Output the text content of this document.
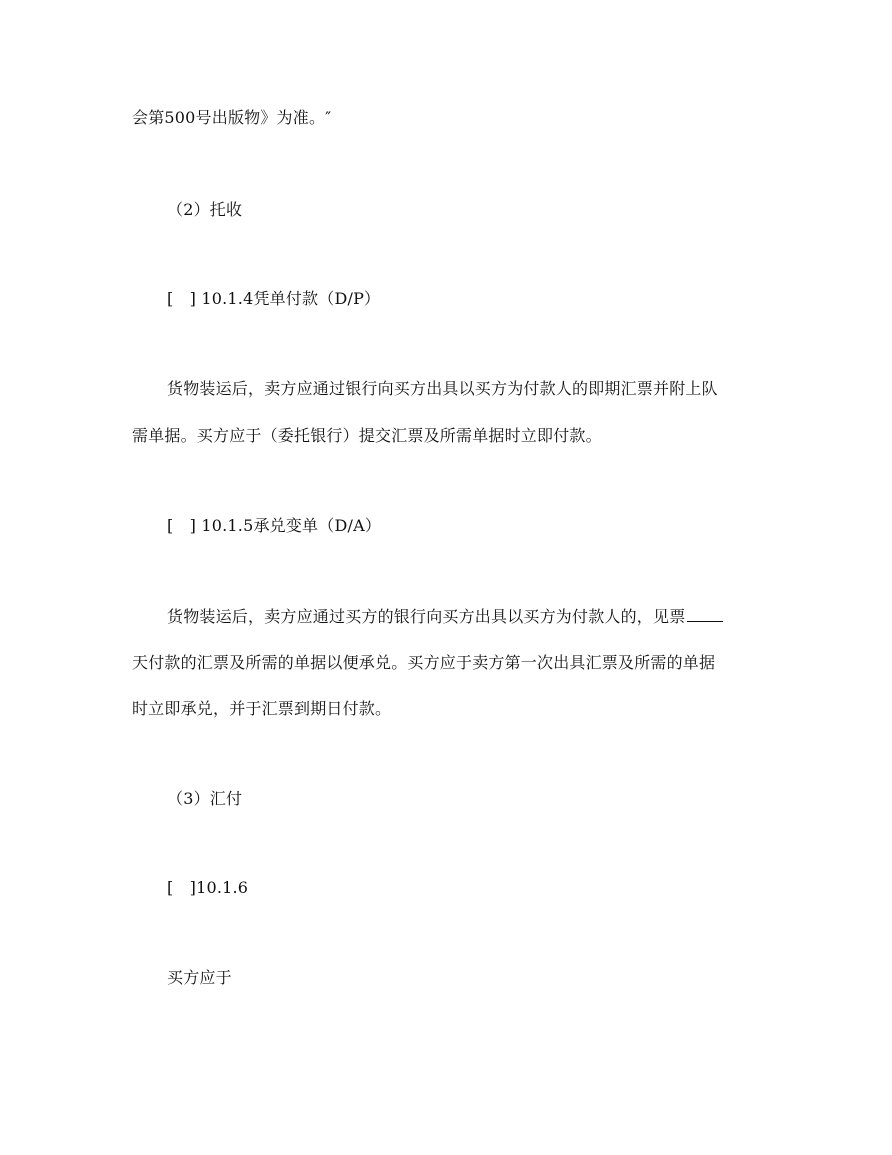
会第500号出版物》为准。″
（2）托收
[　] 10.1.4凭单付款（D/P）
货物装运后，卖方应通过银行向买方出具以买方为付款人的即期汇票并附上队
需单据。买方应于（委托银行）提交汇票及所需单据时立即付款。
[　] 10.1.5承兑变单（D/A）
货物装运后，卖方应通过买方的银行向买方出具以买方为付款人的，见票
天付款的汇票及所需的单据以便承兑。买方应于卖方第一次出具汇票及所需的单据
时立即承兑，并于汇票到期日付款。
（3）汇付
[　]10.1.6
买方应于
